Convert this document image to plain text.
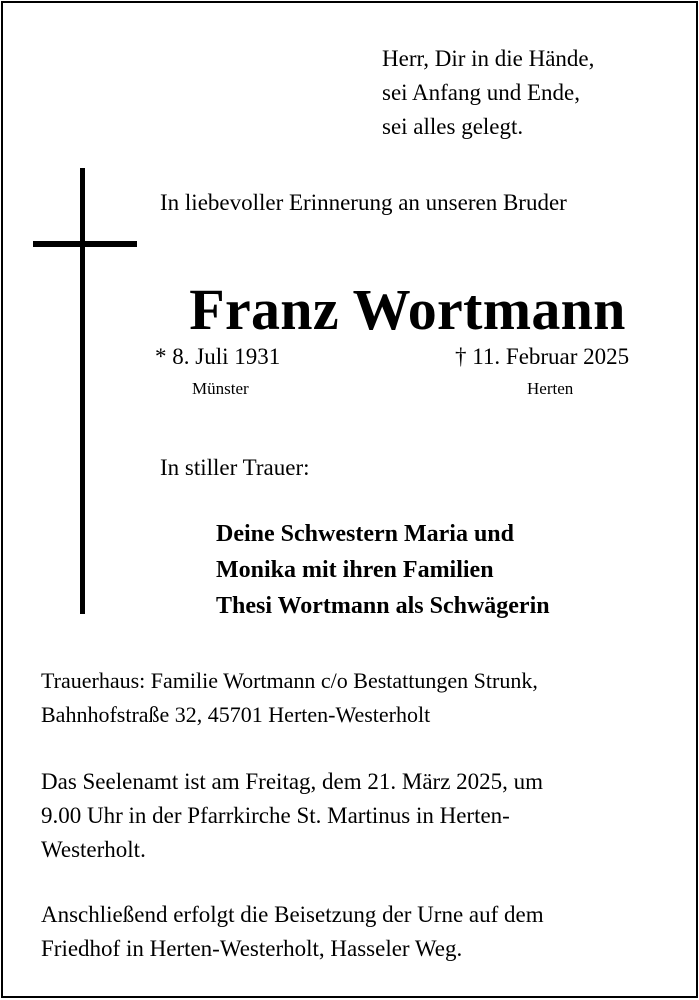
Herr, Dir in die Hände,
sei Anfang und Ende,
sei alles gelegt.
In liebevoller Erinnerung an unseren Bruder
Franz Wortmann
* 8. Juli 1931
Münster
† 11. Februar 2025
Herten
In stiller Trauer:
Deine Schwestern Maria und
Monika mit ihren Familien
Thesi Wortmann als Schwägerin
Trauerhaus: Familie Wortmann c/o Bestattungen Strunk,
Bahnhofstraße 32, 45701 Herten-Westerholt
Das Seelenamt ist am Freitag, dem 21. März 2025, um
9.00 Uhr in der Pfarrkirche St. Martinus in Herten-
Westerholt.
Anschließend erfolgt die Beisetzung der Urne auf dem
Friedhof in Herten-Westerholt, Hasseler Weg.
